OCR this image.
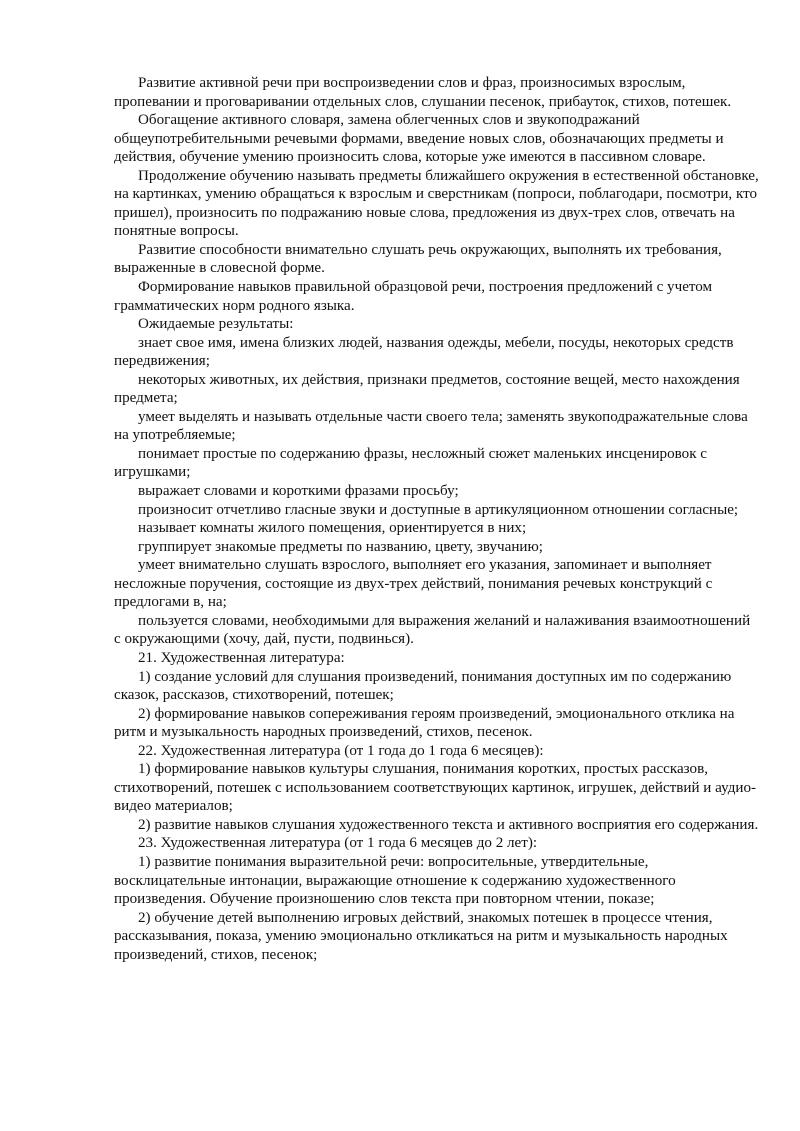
Развитие активной речи при воспроизведении слов и фраз, произносимых взрослым, пропевании и проговаривании отдельных слов, слушании песенок, прибауток, стихов, потешек.

Обогащение активного словаря, замена облегченных слов и звукоподражаний общеупотребительными речевыми формами, введение новых слов, обозначающих предметы и действия, обучение умению произносить слова, которые уже имеются в пассивном словаре.

Продолжение обучению называть предметы ближайшего окружения в естественной обстановке, на картинках, умению обращаться к взрослым и сверстникам (попроси, поблагодари, посмотри, кто пришел), произносить по подражанию новые слова, предложения из двух-трех слов, отвечать на понятные вопросы.

Развитие способности внимательно слушать речь окружающих, выполнять их требования, выраженные в словесной форме.

Формирование навыков правильной образцовой речи, построения предложений с учетом грамматических норм родного языка.

Ожидаемые результаты:

знает свое имя, имена близких людей, названия одежды, мебели, посуды, некоторых средств передвижения;

некоторых животных, их действия, признаки предметов, состояние вещей, место нахождения предмета;

умеет выделять и называть отдельные части своего тела; заменять звукоподражательные слова на употребляемые;

понимает простые по содержанию фразы, несложный сюжет маленьких инсценировок с игрушками;

выражает словами и короткими фразами просьбу;

произносит отчетливо гласные звуки и доступные в артикуляционном отношении согласные;

называет комнаты жилого помещения, ориентируется в них;

группирует знакомые предметы по названию, цвету, звучанию;

умеет внимательно слушать взрослого, выполняет его указания, запоминает и выполняет несложные поручения, состоящие из двух-трех действий, понимания речевых конструкций с предлогами в, на;

пользуется словами, необходимыми для выражения желаний и налаживания взаимоотношений с окружающими (хочу, дай, пусти, подвинься).

21. Художественная литература:

1) создание условий для слушания произведений, понимания доступных им по содержанию сказок, рассказов, стихотворений, потешек;

2) формирование навыков сопереживания героям произведений, эмоционального отклика на ритм и музыкальность народных произведений, стихов, песенок.

22. Художественная литература (от 1 года до 1 года 6 месяцев):

1) формирование навыков культуры слушания, понимания коротких, простых рассказов, стихотворений, потешек с использованием соответствующих картинок, игрушек, действий и аудио-видео материалов;

2) развитие навыков слушания художественного текста и активного восприятия его содержания.

23. Художественная литература (от 1 года 6 месяцев до 2 лет):

1) развитие понимания выразительной речи: вопросительные, утвердительные, восклицательные интонации, выражающие отношение к содержанию художественного произведения. Обучение произношению слов текста при повторном чтении, показе;

2) обучение детей выполнению игровых действий, знакомых потешек в процессе чтения, рассказывания, показа, умению эмоционально откликаться на ритм и музыкальность народных произведений, стихов, песенок;
